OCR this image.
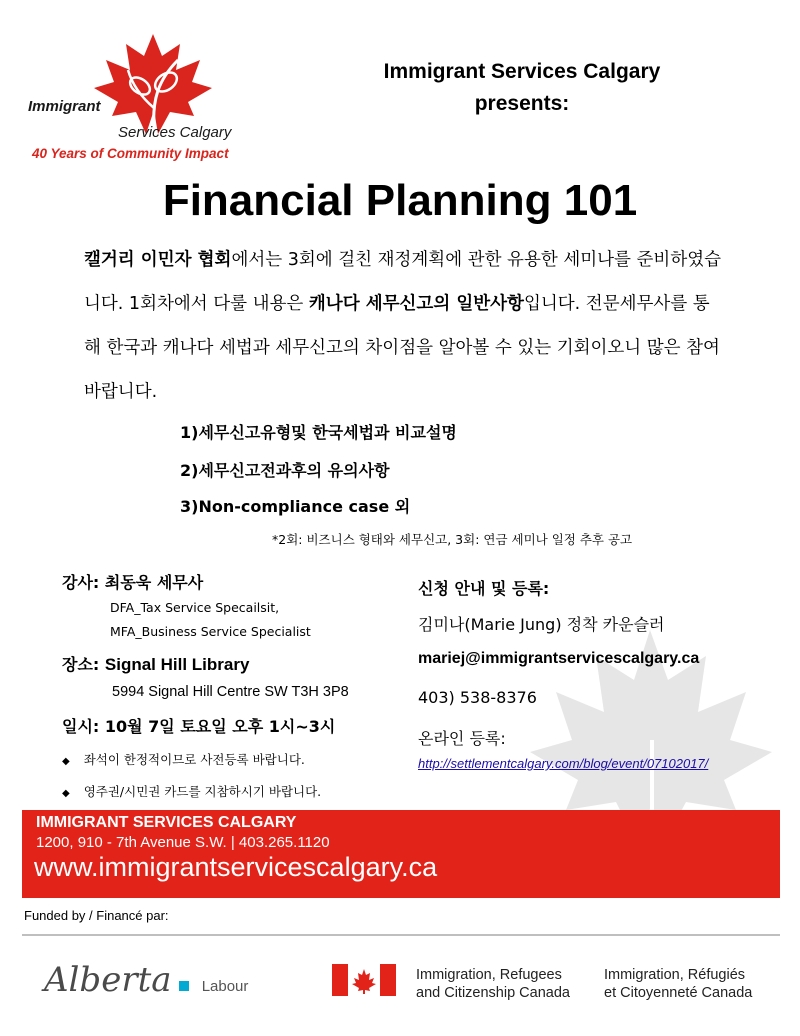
Immigrant
Services Calgary
40 Years of Community Impact
Immigrant Services Calgary
presents:
Financial Planning 101
캘거리 이민자 협회에서는 3회에 걸친 재정계획에 관한 유용한 세미나를 준비하였습니다. 1회차에서 다룰 내용은 캐나다 세무신고의 일반사항입니다. 전문세무사를 통해 한국과 캐나다 세법과 세무신고의 차이점을 알아볼 수 있는 기회이오니 많은 참여 바랍니다.
1)세무신고유형및 한국세법과 비교설명
2)세무신고전과후의 유의사항
3)Non-compliance case 외
*2회: 비즈니스 형태와 세무신고, 3회: 연금 세미나 일정 추후 공고
강사: 최동욱 세무사
DFA_Tax Service Specailsit,
MFA_Business Service Specialist
장소: Signal Hill Library
5994 Signal Hill Centre SW T3H 3P8
일시: 10월 7일 토요일 오후 1시~3시
◆ 좌석이 한정적이므로 사전등록 바랍니다.
◆ 영주권/시민권 카드를 지참하시기 바랍니다.
신청 안내 및 등록:
김미나(Marie Jung) 정착 카운슬러
mariej@immigrantservicescalgary.ca
403) 538-8376
온라인 등록:
http://settlementcalgary.com/blog/event/07102017/
IMMIGRANT SERVICES CALGARY
1200, 910 - 7th Avenue S.W. | 403.265.1120
www.immigrantservicescalgary.ca
Funded by / Financé par:
Alberta Labour
Immigration, Refugees
and Citizenship Canada
Immigration, Réfugiés
et Citoyenneté Canada
